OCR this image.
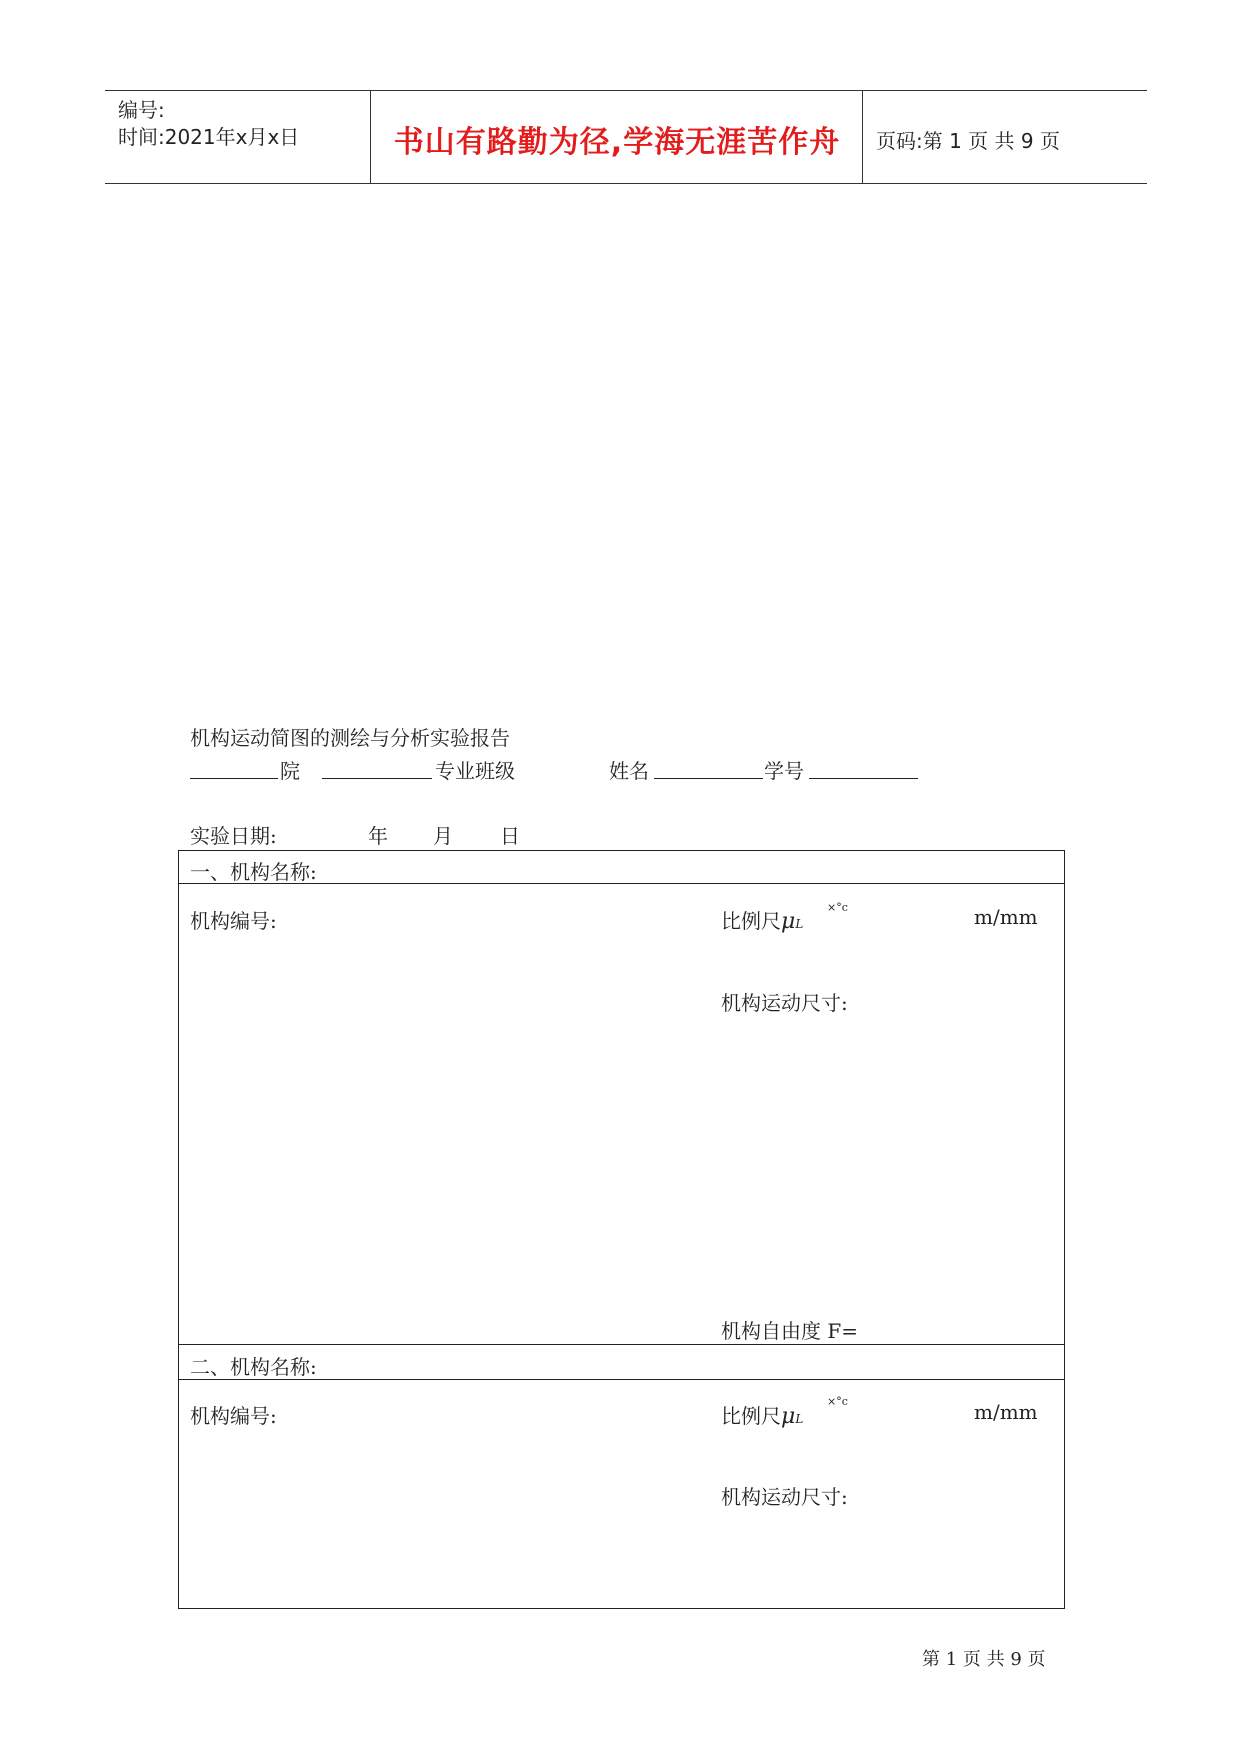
编号:
时间:2021年x月x日	书山有路勤为径,学海无涯苦作舟	页码:第 1 页 共 9 页
机构运动简图的测绘与分析实验报告
院	专业班级	姓名	学号
实验日期:	年 月 日
一、机构名称:
机构编号:	比例尺μL
×°c	m/mm
机构运动尺寸:
机构自由度 F=
二、机构名称:
机构编号:	比例尺μL
×°c	m/mm
机构运动尺寸:
第 1 页 共 9 页
